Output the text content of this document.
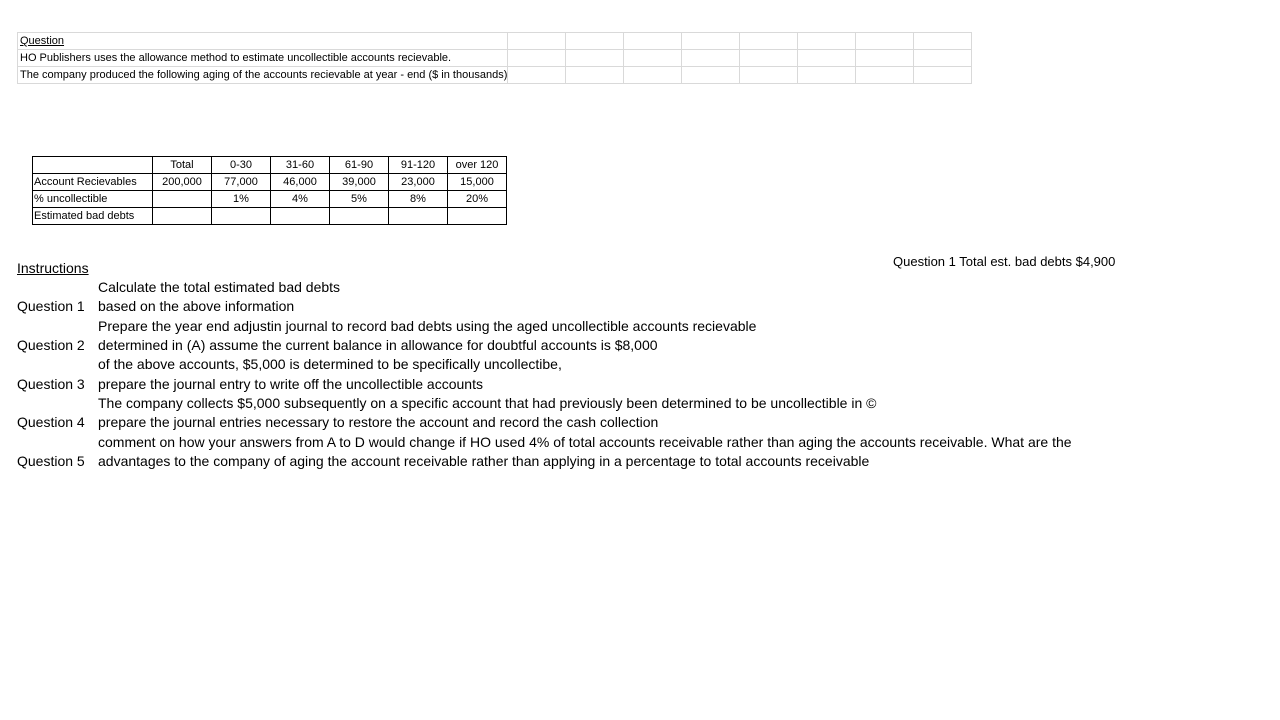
Question								
HO Publishers uses the allowance method to estimate uncollectible accounts recievable.								
The company produced the following aging of the accounts recievable at year - end ($ in thousands)								
	Total	0-30	31-60	61-90	91-120	over 120
Account Recievables	200,000	77,000	46,000	39,000	23,000	15,000
% uncollectible		1%	4%	5%	8%	20%
Estimated bad debts						
Question 1 Total est. bad debts $4,900
Instructions
Calculate the total estimated bad debts
Question 1 based on the above information
Prepare the year end adjustin journal to record bad debts using the aged uncollectible accounts recievable
Question 2 determined in (A) assume the current balance in allowance for doubtful accounts is $8,000
of the above accounts, $5,000 is determined to be specifically uncollectibe,
Question 3 prepare the journal entry to write off the uncollectible accounts
The company collects $5,000 subsequently on a specific account that had previously been determined to be uncollectible in ©
Question 4 prepare the journal entries necessary to restore the account and record the cash collection
comment on how your answers from A to D would change if HO used 4% of total accounts receivable rather than aging the accounts receivable. What are the
Question 5 advantages to the company of aging the account receivable rather than applying in a percentage to total accounts receivable
